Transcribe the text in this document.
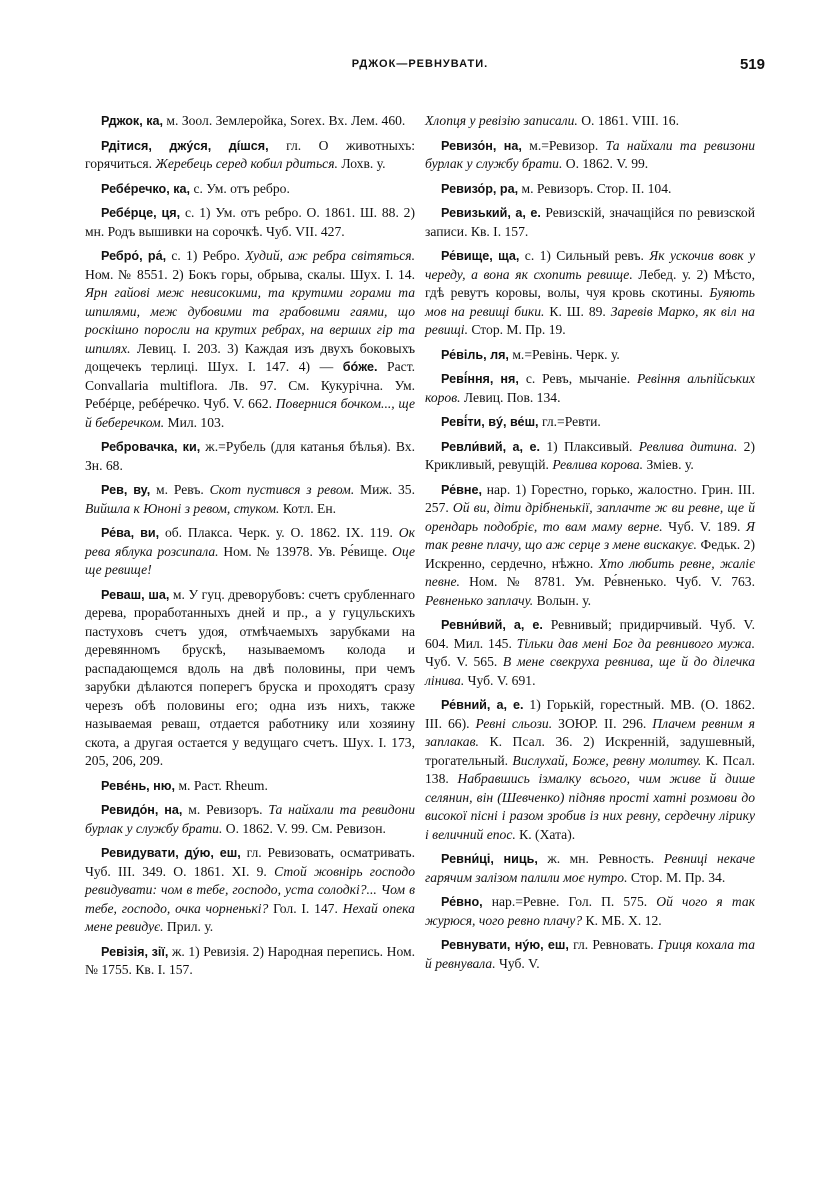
РДЖОК—РЕВНУВАТИ.	519

Рджок, ка, м. Зоол. Землеройка, Sorex. Вх. Лем. 460.

Рдітися, джýся, дíшся, гл. О животныхъ: горячиться. Жеребець серед кобил рдиться. Лохв. у.

Ребéречко, ка, с. Ум. отъ ребро.

Ребéрце, ця, с. 1) Ум. отъ ребро. О. 1861. Ш. 88. 2) мн. Родъ вышивки на сорочкѣ. Чуб. VII. 427.

Ребро́, ра́, с. 1) Ребро. Худий, аж ребра світяться. Ном. № 8551. 2) Бокъ горы, обрыва, скалы. Шух. І. 14. Ярн гайові меж невисокими, та крутими горами та шпилями, меж дубовими та грабовими гаями, що роскішно поросли на крутих ребрах, на верших гір та шпилях. Левиц. І. 203. 3) Каждая изъ двухъ боковыхъ дощечекъ терлиці. Шух. І. 147. 4) — бóже. Раст. Convallaria multiflora. Лв. 97. См. Кукурічна. Ум. Ребéрце, ребéречко. Чуб. V. 662. Повернися бочком..., ще й беберечком. Мил. 103.

Ребровачка, ки, ж.=Рубель (для катанья бѣлья). Вх. Зн. 68.

Рев, ву, м. Ревъ. Скот пустився з ревом. Миж. 35. Вийшла к Юноні з ревом, стуком. Котл. Ен.

Ре́ва, ви, об. Плакса. Черк. у. О. 1862. IX. 119. Ок рева яблука розсипала. Ном. № 13978. Ув. Ре́вище. Оце ще ревище!

Реваш, ша, м. У гуц. древорубовъ: счетъ срубленнаго дерева, проработанныхъ дней и пр., а у гуцульскихъ пастуховъ счетъ удоя, отмѣчаемыхъ зарубками на деревянномъ брускѣ, называемомъ колода и распадающемся вдоль на двѣ половины, при чемъ зарубки дѣлаются поперегъ бруска и проходятъ сразу черезъ обѣ половины его; одна изъ нихъ, также называемая реваш, отдается работнику или хозяину скота, а другая остается у ведущаго счетъ. Шух. І. 173, 205, 206, 209.

Ревéнь, ню, м. Раст. Rheum.

Ревидо́н, на, м. Ревизоръ. Та найхали та ревидони бурлак у службу брати. О. 1862. V. 99. См. Ревизон.

Ревидувати, дýю, еш, гл. Ревизовать, осматривать. Чуб. ІІІ. 349. О. 1861. ХІ. 9. Стой жовнірь господо ревидувати: чом в тебе, господо, уста солодкі?... Чом в тебе, господо, очка чорненькі? Гол. І. 147. Нехай опека мене ревидує. Прил. у.

Ревізія, зії, ж. 1) Ревизія. 2) Народная перепись. Ном. № 1755. Кв. І. 157.

Хлопця у ревізію записали. О. 1861. VIII. 16.

Ревизо́н, на, м.=Ревизор. Та найхали та ревизони бурлак у службу брати. О. 1862. V. 99.

Ревизо́р, ра, м. Ревизоръ. Стор. ІІ. 104.

Ревизький, а, е. Ревизскій, значащійся по ревизской записи. Кв. І. 157.

Ре́вище, ща, с. 1) Сильный ревъ. Як ускочив вовк у череду, а вона як схопить ревище. Лебед. у. 2) Мѣсто, гдѣ ревутъ коровы, волы, чуя кровь скотины. Буяють мов на ревищі бики. К. Ш. 89. Заревів Марко, як віл на ревищі. Стор. М. Пр. 19.

Ре́віль, ля, м.=Ревінь. Черк. у.

Реві́ння, ня, с. Ревъ, мычаніе. Ревіння альпійських коров. Левиц. Пов. 134.

Реві́ти, вý, ве́ш, гл.=Ревти.

Ревли́вий, а, е. 1) Плаксивый. Ревлива дитина. 2) Крикливый, ревущій. Ревлива корова. Зміев. у.

Ре́вне, нар. 1) Горестно, горько, жалостно. Грин. ІІІ. 257. Ой ви, діти дрібненькії, заплачте ж ви ревне, ще й орендарь подобріє, то вам маму верне. Чуб. V. 189. Я так ревне плачу, що аж серце з мене вискакує. Федьк. 2) Искренно, сердечно, нѣжно. Хто любить ревне, жаліє певне. Ном. № 8781. Ум. Ре́вненько. Чуб. V. 763. Ревненько заплачу. Волын. у.

Ревни́вий, а, е. Ревнивый; придирчивый. Чуб. V. 604. Мил. 145. Тільки дав мені Бог да ревнивого мужа. Чуб. V. 565. В мене свекруха ревнива, ще й до ділечка лінива. Чуб. V. 691.

Ре́вний, а, е. 1) Горькій, горестный. МВ. (О. 1862. ІІІ. 66). Ревні сльози. ЗОЮР. ІІ. 296. Плачем ревним я заплакав. К. Псал. 36. 2) Искренній, задушевный, трогательный. Вислухай, Боже, ревну молитву. К. Псал. 138. Набравшись ізмалку всього, чим живе й дише селянин, він (Шевченко) підняв прості хатні розмови до високої пісні і разом зробив із них ревну, сердечну лірику і величний епос. К. (Хата).

Ревни́ці, ниць, ж. мн. Ревность. Ревниці некаче гарячим залізом палили моє нутро. Стор. М. Пр. 34.

Ре́вно, нар.=Ревне. Гол. П. 575. Ой чого я так журюся, чого ревно плачу? К. МБ. Х. 12.

Ревнувати, нýю, еш, гл. Ревновать. Гриця кохала та й ревнувала. Чуб. V.
